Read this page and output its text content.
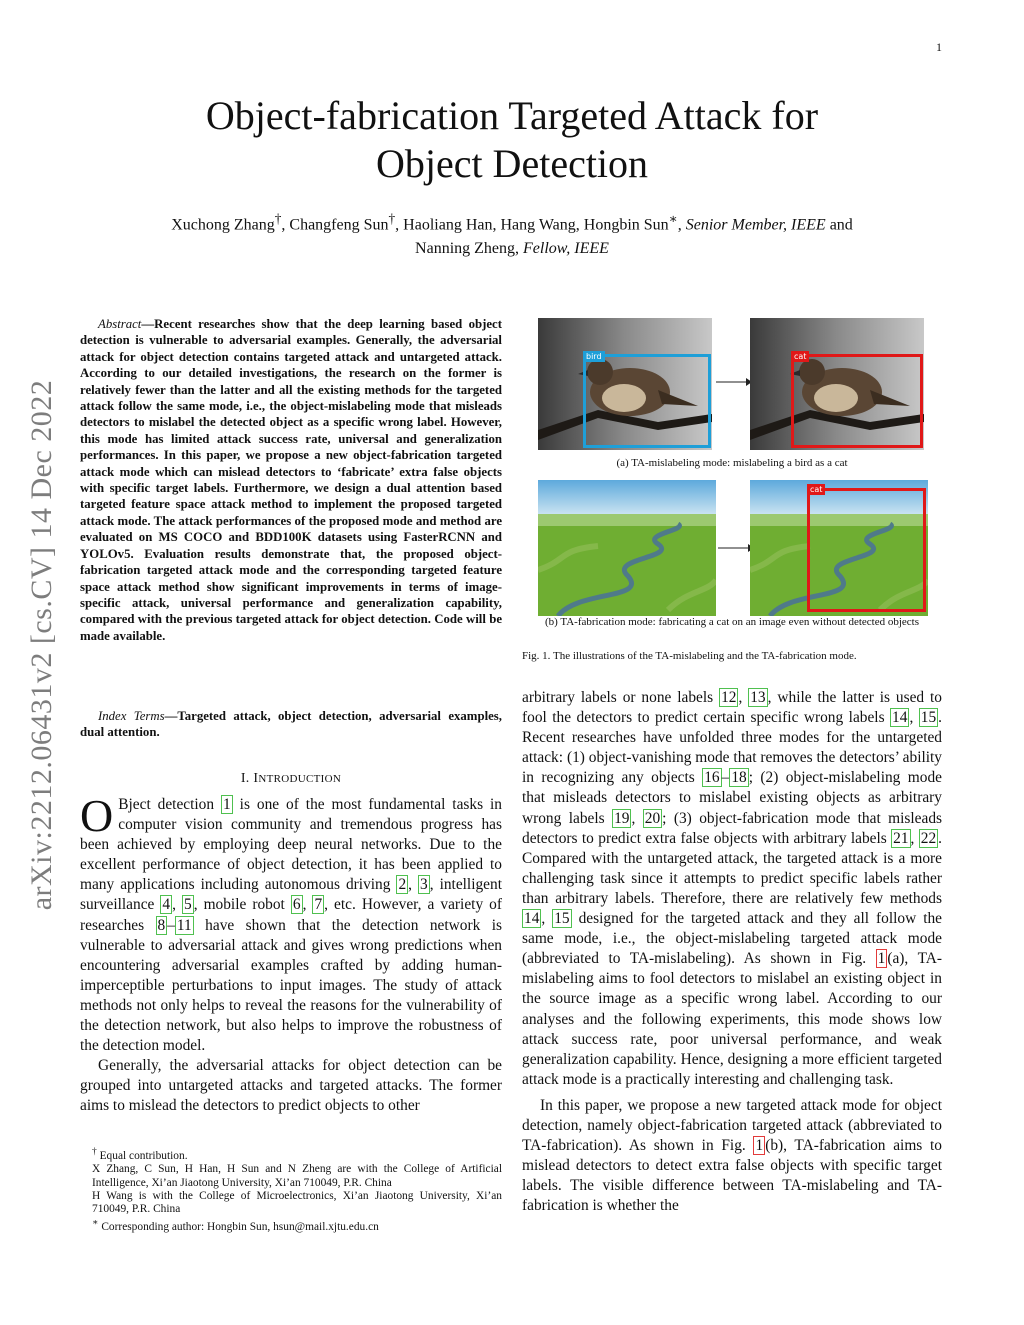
1
arXiv:2212.06431v2 [cs.CV] 14 Dec 2022
Object-fabrication Targeted Attack for
Object Detection
Xuchong Zhang†, Changfeng Sun†, Haoliang Han, Hang Wang, Hongbin Sun∗, Senior Member, IEEE and
Nanning Zheng, Fellow, IEEE
Abstract—Recent researches show that the deep learning based object detection is vulnerable to adversarial examples. Generally, the adversarial attack for object detection contains targeted attack and untargeted attack. According to our detailed investigations, the research on the former is relatively fewer than the latter and all the existing methods for the targeted attack follow the same mode, i.e., the object-mislabeling mode that misleads detectors to mislabel the detected object as a specific wrong label. However, this mode has limited attack success rate, universal and generalization performances. In this paper, we propose a new object-fabrication targeted attack mode which can mislead detectors to ‘fabricate’ extra false objects with specific target labels. Furthermore, we design a dual attention based targeted feature space attack method to implement the proposed targeted attack mode. The attack performances of the proposed mode and method are evaluated on MS COCO and BDD100K datasets using FasterRCNN and YOLOv5. Evaluation results demonstrate that, the proposed object-fabrication targeted attack mode and the corresponding targeted feature space attack method show significant improvements in terms of image-specific attack, universal performance and generalization capability, compared with the previous targeted attack for object detection. Code will be made available.
Index Terms—Targeted attack, object detection, adversarial examples, dual attention.
I. INTRODUCTION

O Bject detection 1 is one of the most fundamental tasks in computer vision community and tremendous progress has been achieved by employing deep neural networks. Due to the excellent performance of object detection, it has been applied to many applications including autonomous driving 2 , 3 , intelligent surveillance 4 , 5 , mobile robot 6 , 7 , etc. However, a variety of researches 8 – 11 have shown that the detection network is vulnerable to adversarial attack and gives wrong predictions when encountering adversarial examples crafted by adding human-imperceptible perturbations to input images. The study of attack methods not only helps to reveal the reasons for the vulnerability of the detection network, but also helps to improve the robustness of the detection model.

Generally, the adversarial attacks for object detection can be grouped into untargeted attacks and targeted attacks. The former aims to mislead the detectors to predict objects to other

† Equal contribution.

X Zhang, C Sun, H Han, H Sun and N Zheng are with the College of Artificial Intelligence, Xi’an Jiaotong University, Xi’an 710049, P.R. China

H Wang is with the College of Microelectronics, Xi’an Jiaotong University, Xi’an 710049, P.R. China

∗ Corresponding author: Hongbin Sun, hsun@mail.xjtu.edu.cn

bird	cat
(a) TA-mislabeling mode: mislabeling a bird as a cat
cat
(b) TA-fabrication mode: fabricating a cat on an image even without detected objects
Fig. 1. The illustrations of the TA-mislabeling and the TA-fabrication mode.

arbitrary labels or none labels 12 , 13 , while the latter is used to fool the detectors to predict certain specific wrong labels 14 , 15 . Recent researches have unfolded three modes for the untargeted attack: (1) object-vanishing mode that removes the detectors’ ability in recognizing any objects 16 – 18 ; (2) object-mislabeling mode that misleads detectors to mislabel existing objects as arbitrary wrong labels 19 , 20 ; (3) object-fabrication mode that misleads detectors to predict extra false objects with arbitrary labels 21 , 22 . Compared with the untargeted attack, the targeted attack is a more challenging task since it attempts to predict specific labels rather than arbitrary labels. Therefore, there are relatively few methods 14 , 15 designed for the targeted attack and they all follow the same mode, i.e., the object-mislabeling targeted attack mode (abbreviated to TA-mislabeling). As shown in Fig. 1 (a), TA-mislabeling aims to fool detectors to mislabel an existing object in the source image as a specific wrong label. According to our analyses and the following experiments, this mode shows low attack success rate, poor universal performance, and weak generalization capability. Hence, designing a more efficient targeted attack mode is a practically interesting and challenging task.

In this paper, we propose a new targeted attack mode for object detection, namely object-fabrication targeted attack (abbreviated to TA-fabrication). As shown in Fig. 1 (b), TA-fabrication aims to mislead detectors to detect extra false objects with specific target labels. The visible difference between TA-mislabeling and TA-fabrication is whether the
